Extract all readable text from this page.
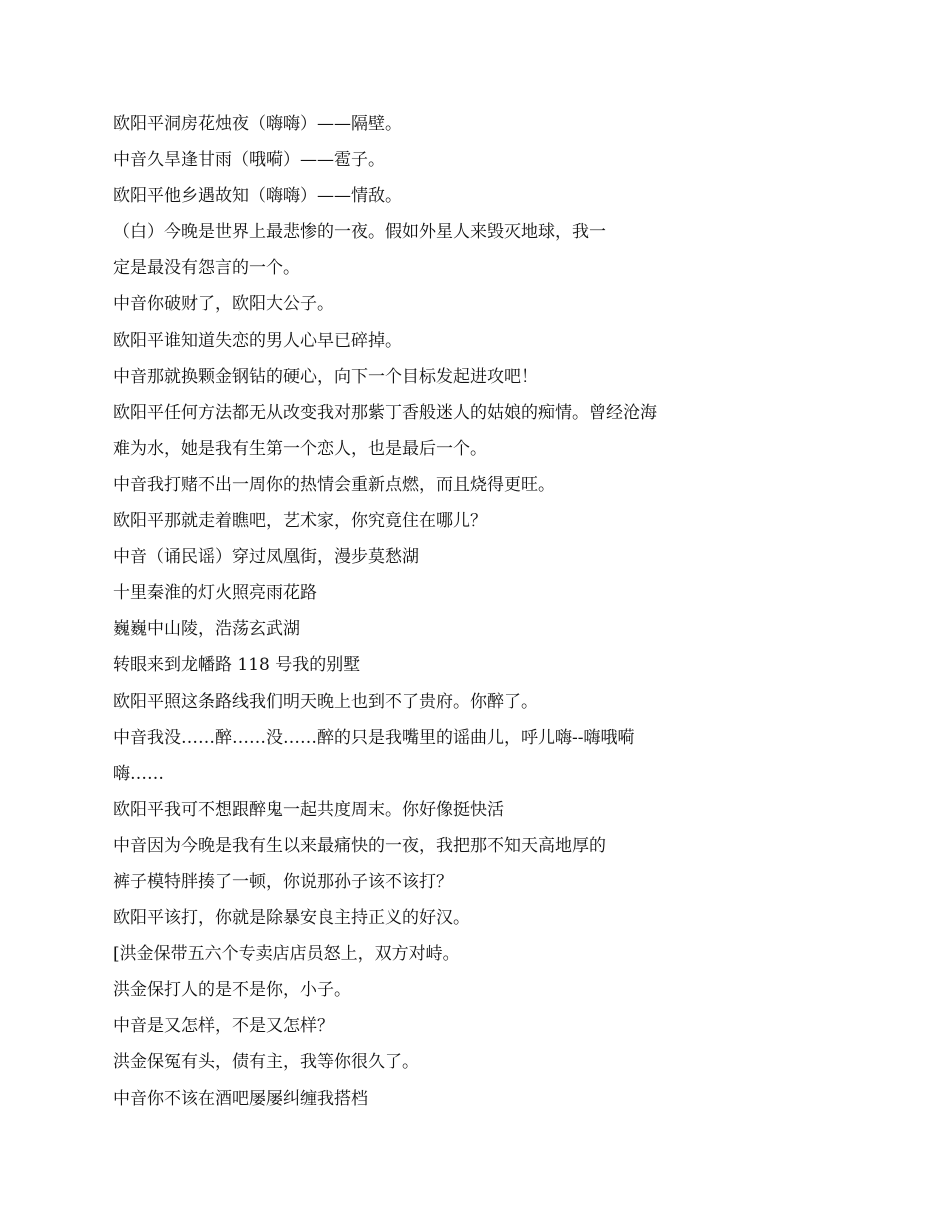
欧阳平洞房花烛夜（嗨嗨）——隔壁。

中音久旱逢甘雨（哦嗬）——雹子。

欧阳平他乡遇故知（嗨嗨）——情敌。

（白）今晚是世界上最悲惨的一夜。假如外星人来毁灭地球，我一

定是最没有怨言的一个。

中音你破财了，欧阳大公子。

欧阳平谁知道失恋的男人心早已碎掉。

中音那就换颗金钢钻的硬心，向下一个目标发起进攻吧！

欧阳平任何方法都无从改变我对那紫丁香般迷人的姑娘的痴情。曾经沧海

难为水，她是我有生第一个恋人，也是最后一个。

中音我打赌不出一周你的热情会重新点燃，而且烧得更旺。

欧阳平那就走着瞧吧，艺术家，你究竟住在哪儿？

中音（诵民谣）穿过凤凰街，漫步莫愁湖

十里秦淮的灯火照亮雨花路

巍巍中山陵，浩荡玄武湖

转眼来到龙幡路 118 号我的别墅

欧阳平照这条路线我们明天晚上也到不了贵府。你醉了。

中音我没……醉……没……醉的只是我嘴里的谣曲儿，呼儿嗨--嗨哦嗬

嗨……

欧阳平我可不想跟醉鬼一起共度周末。你好像挺快活

中音因为今晚是我有生以来最痛快的一夜，我把那不知天高地厚的

裤子模特胖揍了一顿，你说那孙子该不该打？

欧阳平该打，你就是除暴安良主持正义的好汉。

[洪金保带五六个专卖店店员怒上，双方对峙。

洪金保打人的是不是你，小子。

中音是又怎样，不是又怎样？

洪金保冤有头，债有主，我等你很久了。

中音你不该在酒吧屡屡纠缠我搭档
